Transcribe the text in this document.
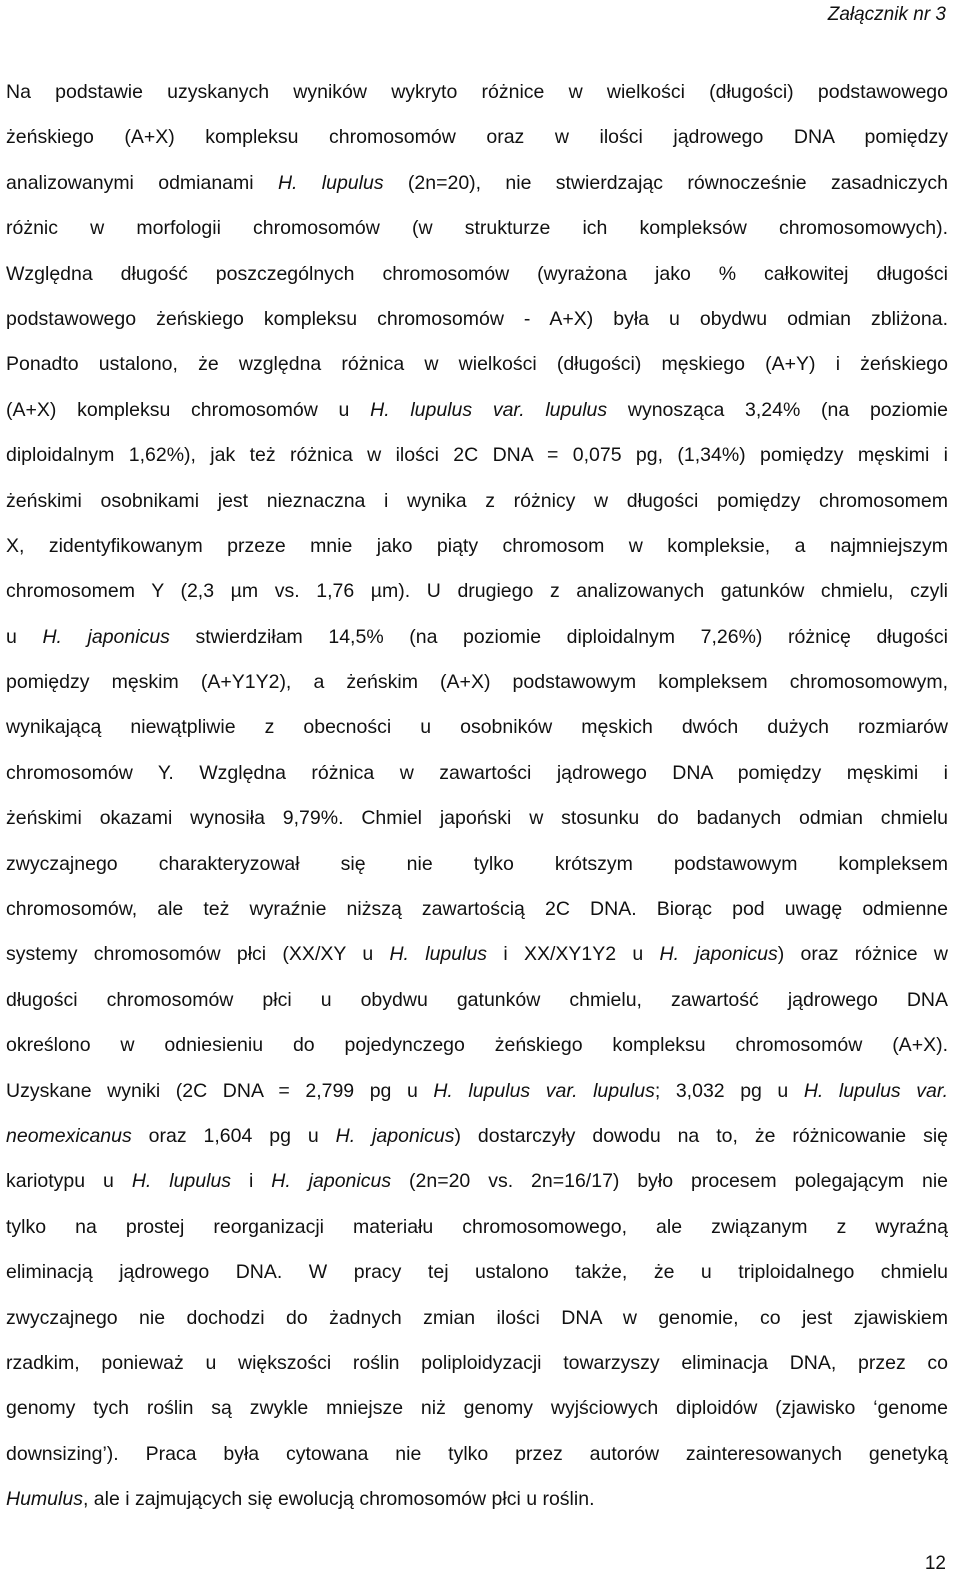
Załącznik nr 3
Na podstawie uzyskanych wyników wykryto różnice w wielkości (długości) podstawowego
żeńskiego (A+X) kompleksu chromosomów oraz w ilości jądrowego DNA pomiędzy
analizowanymi odmianami H. lupulus (2n=20), nie stwierdzając równocześnie zasadniczych
różnic w morfologii chromosomów (w strukturze ich kompleksów chromosomowych).
Względna długość poszczególnych chromosomów (wyrażona jako % całkowitej długości
podstawowego żeńskiego kompleksu chromosomów - A+X) była u obydwu odmian zbliżona.
Ponadto ustalono, że względna różnica w wielkości (długości) męskiego (A+Y) i żeńskiego
(A+X) kompleksu chromosomów u H. lupulus var. lupulus wynosząca 3,24% (na poziomie
diploidalnym 1,62%), jak też różnica w ilości 2C DNA = 0,075 pg, (1,34%) pomiędzy męskimi i
żeńskimi osobnikami jest nieznaczna i wynika z różnicy w długości pomiędzy chromosomem
X, zidentyfikowanym przeze mnie jako piąty chromosom w kompleksie, a najmniejszym
chromosomem Y (2,3 µm vs. 1,76 µm). U drugiego z analizowanych gatunków chmielu, czyli
u H. japonicus stwierdziłam 14,5% (na poziomie diploidalnym 7,26%) różnicę długości
pomiędzy męskim (A+Y1Y2), a żeńskim (A+X) podstawowym kompleksem chromosomowym,
wynikającą niewątpliwie z obecności u osobników męskich dwóch dużych rozmiarów
chromosomów Y. Względna różnica w zawartości jądrowego DNA pomiędzy męskimi i
żeńskimi okazami wynosiła 9,79%. Chmiel japoński w stosunku do badanych odmian chmielu
zwyczajnego charakteryzował się nie tylko krótszym podstawowym kompleksem
chromosomów, ale też wyraźnie niższą zawartością 2C DNA. Biorąc pod uwagę odmienne
systemy chromosomów płci (XX/XY u H. lupulus i XX/XY1Y2 u H. japonicus) oraz różnice w
długości chromosomów płci u obydwu gatunków chmielu, zawartość jądrowego DNA
określono w odniesieniu do pojedynczego żeńskiego kompleksu chromosomów (A+X).
Uzyskane wyniki (2C DNA = 2,799 pg u H. lupulus var. lupulus; 3,032 pg u H. lupulus var.
neomexicanus oraz 1,604 pg u H. japonicus) dostarczyły dowodu na to, że różnicowanie się
kariotypu u H. lupulus i H. japonicus (2n=20 vs. 2n=16/17) było procesem polegającym nie
tylko na prostej reorganizacji materiału chromosomowego, ale związanym z wyraźną
eliminacją jądrowego DNA. W pracy tej ustalono także, że u triploidalnego chmielu
zwyczajnego nie dochodzi do żadnych zmian ilości DNA w genomie, co jest zjawiskiem
rzadkim, ponieważ u większości roślin poliploidyzacji towarzyszy eliminacja DNA, przez co
genomy tych roślin są zwykle mniejsze niż genomy wyjściowych diploidów (zjawisko ‘genome
downsizing’). Praca była cytowana nie tylko przez autorów zainteresowanych genetyką
Humulus, ale i zajmujących się ewolucją chromosomów płci u roślin.
12
